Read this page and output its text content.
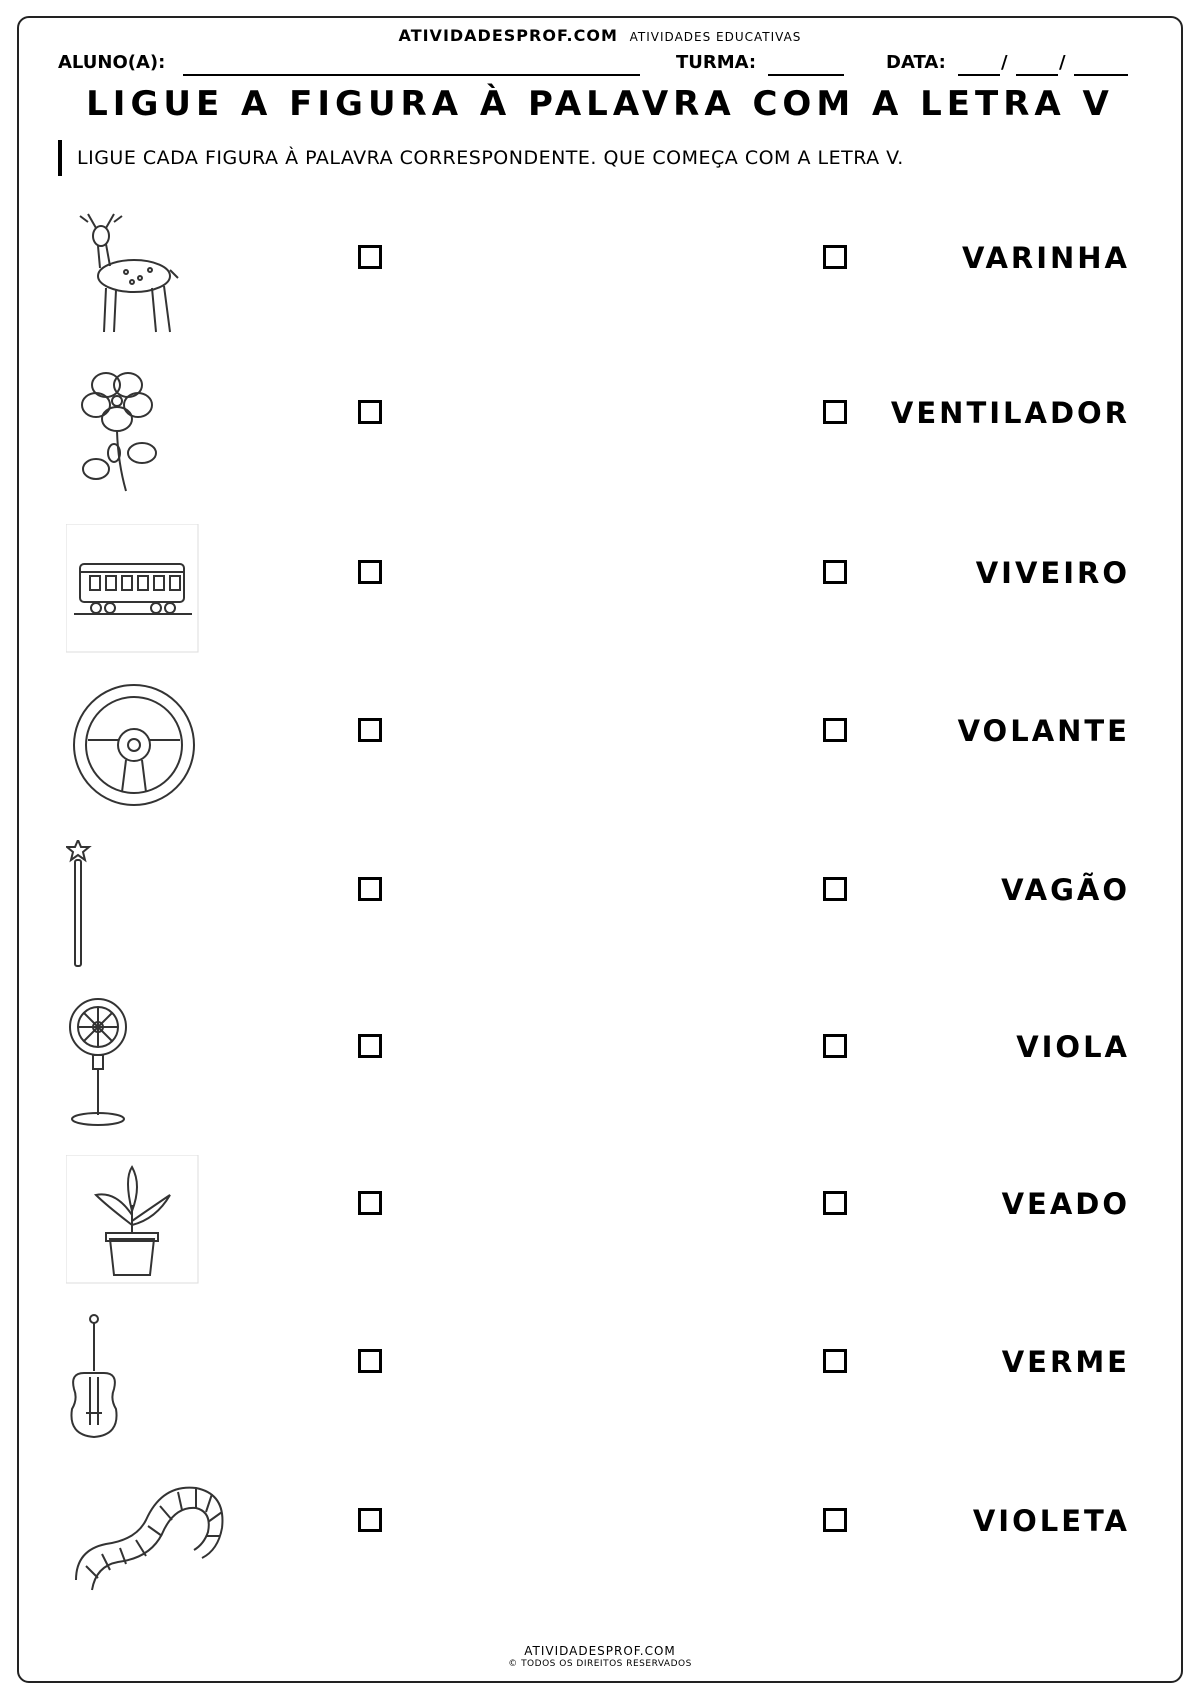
ATIVIDADESPROF.COM ATIVIDADES EDUCATIVAS
ALUNO(A):	TURMA:	DATA:	/	/
LIGUE A FIGURA À PALAVRA COM A LETRA V
LIGUE CADA FIGURA À PALAVRA CORRESPONDENTE. QUE COMEÇA COM A LETRA V.
VARINHA
VENTILADOR
VIVEIRO
VOLANTE
VAGÃO
VIOLA
VEADO
VERME
VIOLETA
ATIVIDADESPROF.COM
© TODOS OS DIREITOS RESERVADOS
